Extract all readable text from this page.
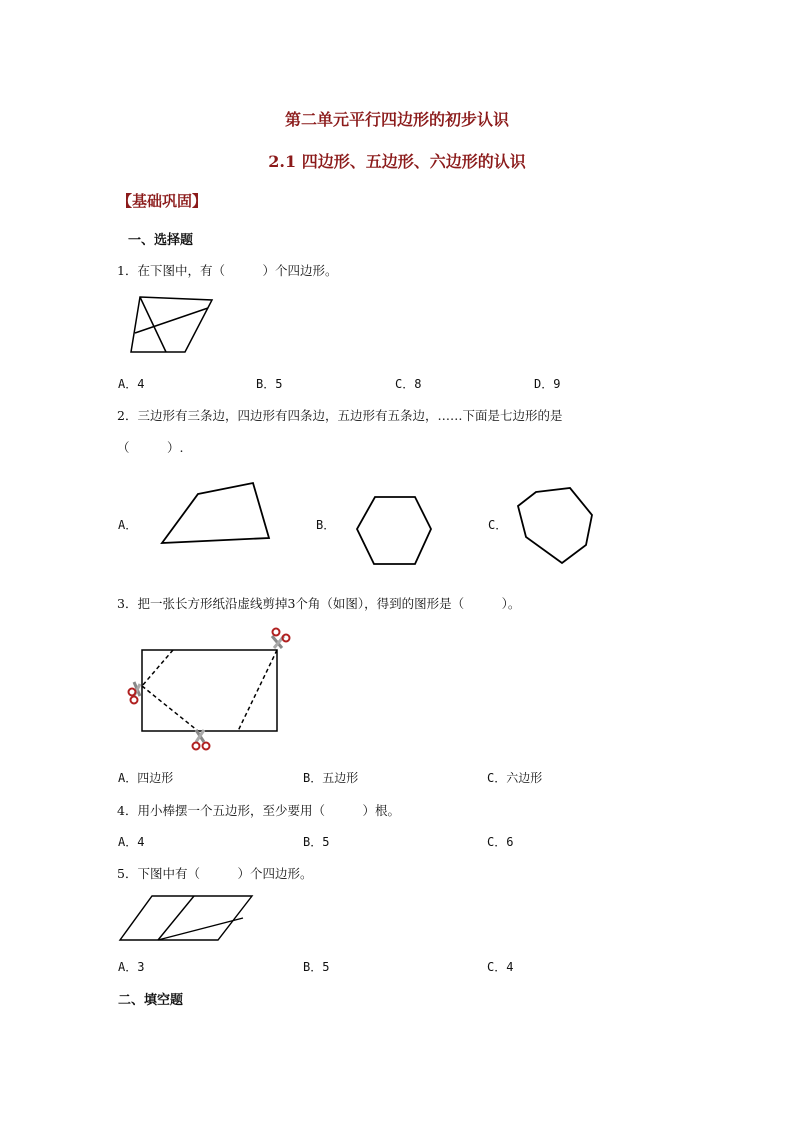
第二单元平行四边形的初步认识
2.1 四边形、五边形、六边形的认识
【基础巩固】
一、选择题
1．在下图中，有（　　　）个四边形。
A．4	B．5	C．8	D．9
2．三边形有三条边，四边形有四条边，五边形有五条边，……下面是七边形的是
（　　　）.
A．	B．	C．
3．把一张长方形纸沿虚线剪掉3个角（如图），得到的图形是（　　　）。
A．四边形	B．五边形	C．六边形
4．用小棒摆一个五边形，至少要用（　　　）根。
A．4	B．5	C．6
5．下图中有（　　　）个四边形。
A．3	B．5	C．4
二、填空题
